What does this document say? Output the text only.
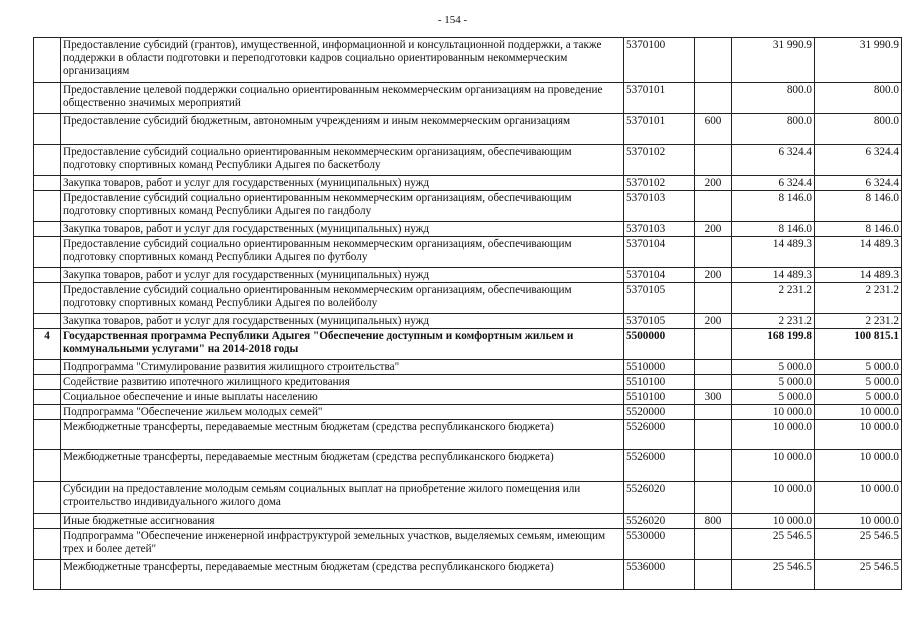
- 154 -
	Предоставление субсидий (грантов), имущественной, информационной и консультационной поддержки, а также поддержки в области подготовки и переподготовки кадров социально ориентированным некоммерческим организациям	5370100		31 990.9	31 990.9
	Предоставление целевой поддержки социально ориентированным некоммерческим организациям на проведение общественно значимых мероприятий	5370101		800.0	800.0
	Предоставление субсидий бюджетным, автономным учреждениям и иным некоммерческим организациям	5370101	600	800.0	800.0
	Предоставление субсидий социально ориентированным некоммерческим организациям, обеспечивающим подготовку спортивных команд Республики Адыгея по баскетболу	5370102		6 324.4	6 324.4
	Закупка товаров, работ и услуг для государственных (муниципальных) нужд	5370102	200	6 324.4	6 324.4
	Предоставление субсидий социально ориентированным некоммерческим организациям, обеспечивающим подготовку спортивных команд Республики Адыгея по гандболу	5370103		8 146.0	8 146.0
	Закупка товаров, работ и услуг для государственных (муниципальных) нужд	5370103	200	8 146.0	8 146.0
	Предоставление субсидий социально ориентированным некоммерческим организациям, обеспечивающим подготовку спортивных команд Республики Адыгея по футболу	5370104		14 489.3	14 489.3
	Закупка товаров, работ и услуг для государственных (муниципальных) нужд	5370104	200	14 489.3	14 489.3
	Предоставление субсидий социально ориентированным некоммерческим организациям, обеспечивающим подготовку спортивных команд Республики Адыгея по волейболу	5370105		2 231.2	2 231.2
	Закупка товаров, работ и услуг для государственных (муниципальных) нужд	5370105	200	2 231.2	2 231.2
4	Государственная программа Республики Адыгея "Обеспечение доступным и комфортным жильем и коммунальными услугами" на 2014-2018 годы	5500000		168 199.8	100 815.1
	Подпрограмма "Стимулирование развития жилищного строительства"	5510000		5 000.0	5 000.0
	Содействие развитию ипотечного жилищного кредитования	5510100		5 000.0	5 000.0
	Социальное обеспечение и иные выплаты населению	5510100	300	5 000.0	5 000.0
	Подпрограмма "Обеспечение жильем молодых семей"	5520000		10 000.0	10 000.0
	Межбюджетные трансферты, передаваемые местным бюджетам (средства республиканского бюджета)	5526000		10 000.0	10 000.0
	Межбюджетные трансферты, передаваемые местным бюджетам (средства республиканского бюджета)	5526000		10 000.0	10 000.0
	Субсидии на предоставление молодым семьям социальных выплат на приобретение жилого помещения или строительство индивидуального жилого дома	5526020		10 000.0	10 000.0
	Иные бюджетные ассигнования	5526020	800	10 000.0	10 000.0
	Подпрограмма "Обеспечение инженерной инфраструктурой земельных участков, выделяемых семьям, имеющим трех и более детей"	5530000		25 546.5	25 546.5
	Межбюджетные трансферты, передаваемые местным бюджетам (средства республиканского бюджета)	5536000		25 546.5	25 546.5
